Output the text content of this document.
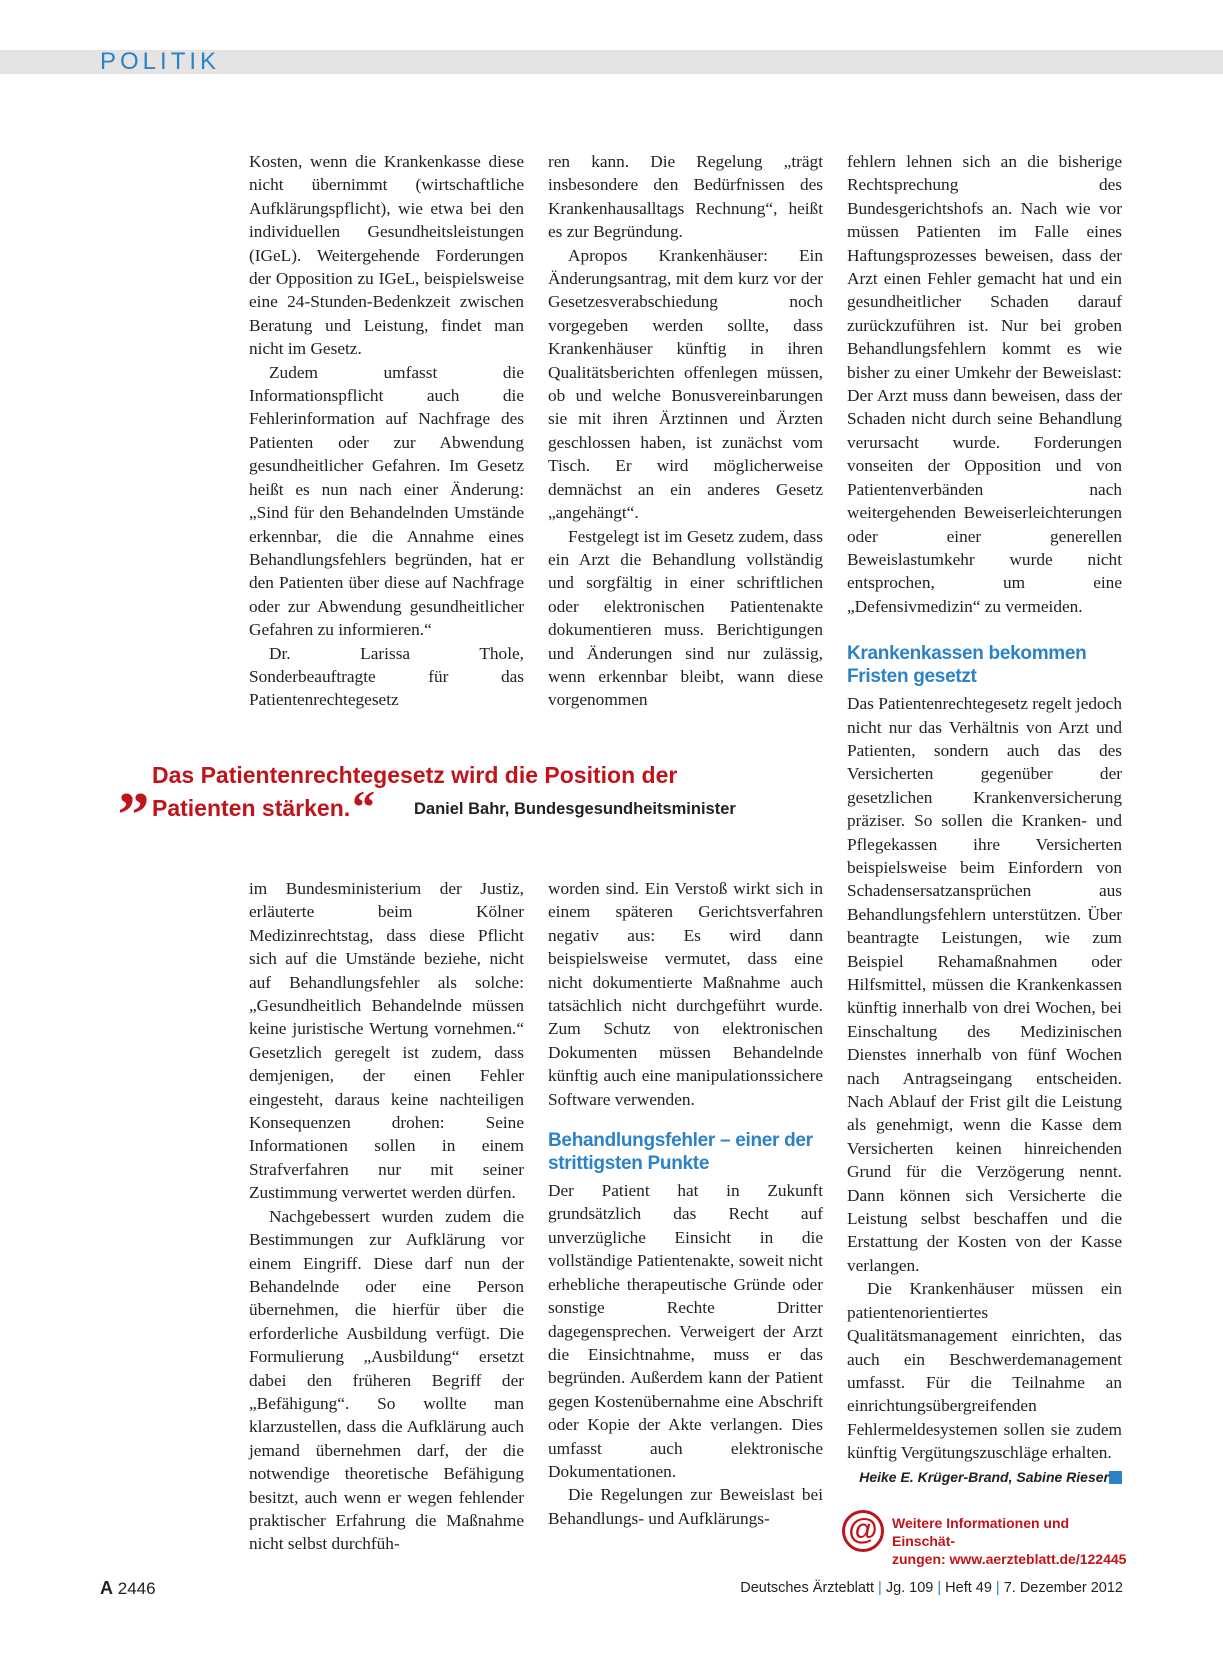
POLITIK

Kosten, wenn die Krankenkasse diese nicht übernimmt (wirtschaftliche Aufklärungspflicht), wie etwa bei den individuellen Gesundheitsleistungen (IGeL). Weitergehende Forderungen der Opposition zu IGeL, beispielsweise eine 24-Stunden-Bedenkzeit zwischen Beratung und Leistung, findet man nicht im Gesetz.

Zudem umfasst die Informationspflicht auch die Fehlerinformation auf Nachfrage des Patienten oder zur Abwendung gesundheitlicher Gefahren. Im Gesetz heißt es nun nach einer Änderung: „Sind für den Behandelnden Umstände erkennbar, die die Annahme eines Behandlungsfehlers begründen, hat er den Patienten über diese auf Nachfrage oder zur Abwendung gesundheitlicher Gefahren zu informieren.“

Dr. Larissa Thole, Sonderbeauftragte für das Patientenrechtegesetz

ren kann. Die Regelung „trägt insbesondere den Bedürfnissen des Krankenhausalltags Rechnung“, heißt es zur Begründung.

Apropos Krankenhäuser: Ein Änderungsantrag, mit dem kurz vor der Gesetzesverabschiedung noch vorgegeben werden sollte, dass Krankenhäuser künftig in ihren Qualitätsberichten offenlegen müssen, ob und welche Bonusvereinbarungen sie mit ihren Ärztinnen und Ärzten geschlossen haben, ist zunächst vom Tisch. Er wird möglicherweise demnächst an ein anderes Gesetz „angehängt“.

Festgelegt ist im Gesetz zudem, dass ein Arzt die Behandlung vollständig und sorgfältig in einer schriftlichen oder elektronischen Patientenakte dokumentieren muss. Berichtigungen und Änderungen sind nur zulässig, wenn erkennbar bleibt, wann diese vorgenommen

fehlern lehnen sich an die bisherige Rechtsprechung des Bundesgerichtshofs an. Nach wie vor müssen Patienten im Falle eines Haftungsprozesses beweisen, dass der Arzt einen Fehler gemacht hat und ein gesundheitlicher Schaden darauf zurückzuführen ist. Nur bei groben Behandlungsfehlern kommt es wie bisher zu einer Umkehr der Beweislast: Der Arzt muss dann beweisen, dass der Schaden nicht durch seine Behandlung verursacht wurde. Forderungen vonseiten der Opposition und von Patientenverbänden nach weitergehenden Beweiserleichterungen oder einer generellen Beweislastumkehr wurde nicht entsprochen, um eine „Defensivmedizin“ zu vermeiden.

Krankenkassen bekommen Fristen gesetzt

Das Patientenrechtegesetz regelt jedoch nicht nur das Verhältnis von Arzt und Patienten, sondern auch das des Versicherten gegenüber der gesetzlichen Krankenversicherung präziser. So sollen die Kranken- und Pflegekassen ihre Versicherten beispielsweise beim Einfordern von Schadensersatzansprüchen aus Behandlungsfehlern unterstützen. Über beantragte Leistungen, wie zum Beispiel Rehamaßnahmen oder Hilfsmittel, müssen die Krankenkassen künftig innerhalb von drei Wochen, bei Einschaltung des Medizinischen Dienstes innerhalb von fünf Wochen nach Antragseingang entscheiden. Nach Ablauf der Frist gilt die Leistung als genehmigt, wenn die Kasse dem Versicherten keinen hinreichenden Grund für die Verzögerung nennt. Dann können sich Versicherte die Leistung selbst beschaffen und die Erstattung der Kosten von der Kasse verlangen.

Die Krankenhäuser müssen ein patientenorientiertes Qualitätsmanagement einrichten, das auch ein Beschwerdemanagement umfasst. Für die Teilnahme an einrichtungsübergreifenden Fehlermeldesystemen sollen sie zudem künftig Vergütungszuschläge erhalten.

Heike E. Krüger-Brand, Sabine Rieser
„ Das Patientenrechtegesetz wird die Position der
Patienten stärken.“	Daniel Bahr, Bundesgesundheitsminister

im Bundesministerium der Justiz, erläuterte beim Kölner Medizinrechtstag, dass diese Pflicht sich auf die Umstände beziehe, nicht auf Behandlungsfehler als solche: „Gesundheitlich Behandelnde müssen keine juristische Wertung vornehmen.“ Gesetzlich geregelt ist zudem, dass demjenigen, der einen Fehler eingesteht, daraus keine nachteiligen Konsequenzen drohen: Seine Informationen sollen in einem Strafverfahren nur mit seiner Zustimmung verwertet werden dürfen.

Nachgebessert wurden zudem die Bestimmungen zur Aufklärung vor einem Eingriff. Diese darf nun der Behandelnde oder eine Person übernehmen, die hierfür über die erforderliche Ausbildung verfügt. Die Formulierung „Ausbildung“ ersetzt dabei den früheren Begriff der „Befähigung“. So wollte man klarzustellen, dass die Aufklärung auch jemand übernehmen darf, der die notwendige theoretische Befähigung besitzt, auch wenn er wegen fehlender praktischer Erfahrung die Maßnahme nicht selbst durchfüh-

worden sind. Ein Verstoß wirkt sich in einem späteren Gerichtsverfahren negativ aus: Es wird dann beispielsweise vermutet, dass eine nicht dokumentierte Maßnahme auch tatsächlich nicht durchgeführt wurde. Zum Schutz von elektronischen Dokumenten müssen Behandelnde künftig auch eine manipulationssichere Software verwenden.

Behandlungsfehler – einer der strittigsten Punkte

Der Patient hat in Zukunft grundsätzlich das Recht auf unverzügliche Einsicht in die vollständige Patientenakte, soweit nicht erhebliche therapeutische Gründe oder sonstige Rechte Dritter dagegensprechen. Verweigert der Arzt die Einsichtnahme, muss er das begründen. Außerdem kann der Patient gegen Kostenübernahme eine Abschrift oder Kopie der Akte verlangen. Dies umfasst auch elektronische Dokumentationen.

Die Regelungen zur Beweislast bei Behandlungs- und Aufklärungs-	@	Weitere Informationen und Einschät-
zungen: www.aerzteblatt.de/122445
A 2446	Deutsches Ärzteblatt | Jg. 109 | Heft 49 | 7. Dezember 2012
